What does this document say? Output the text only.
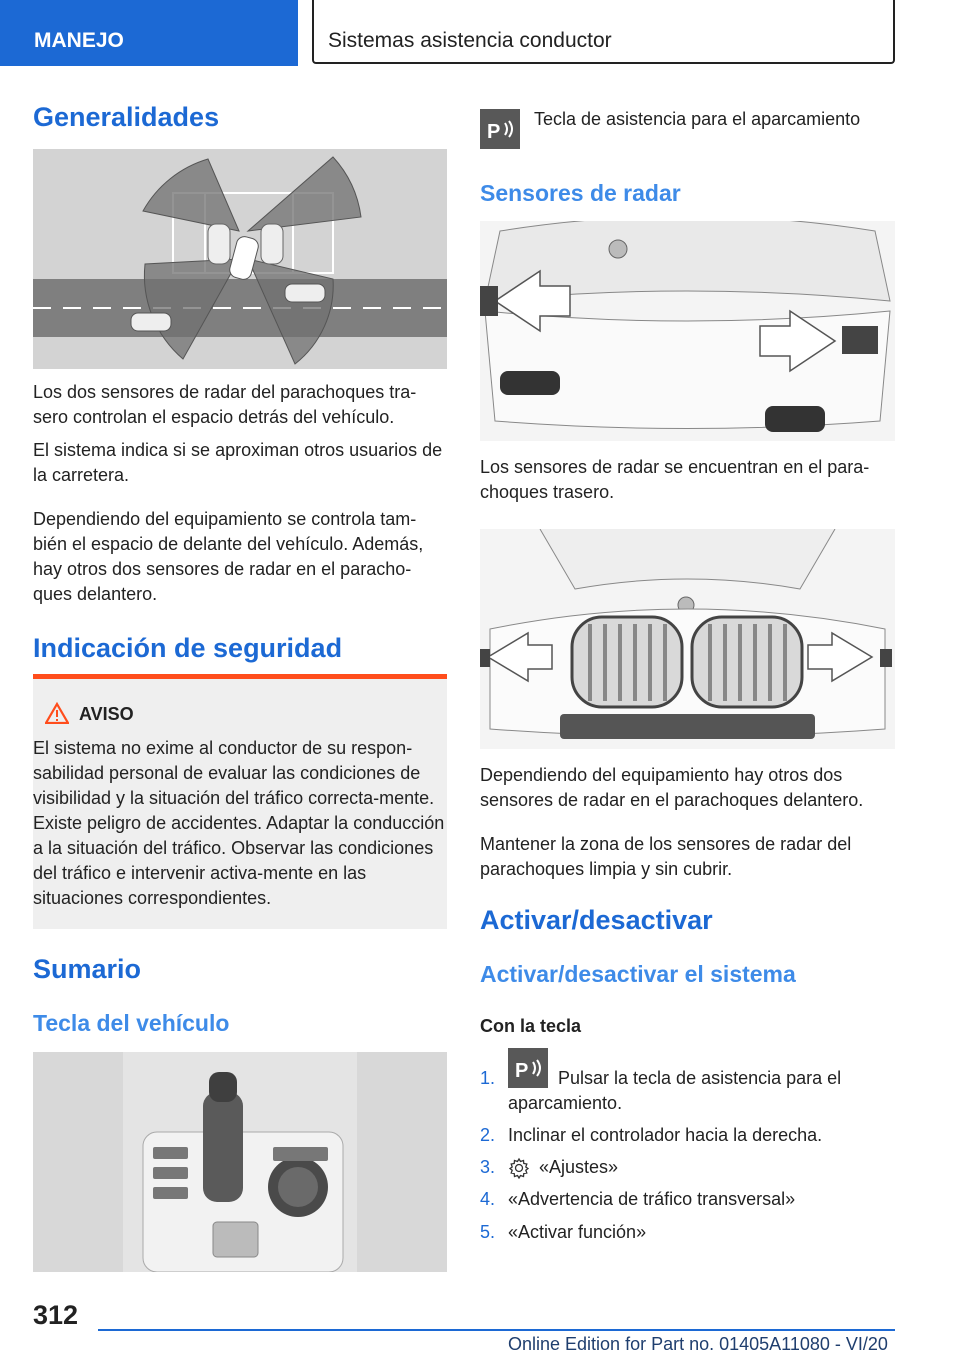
MANEJO	Sistemas asistencia conductor
Generalidades

Los dos sensores de radar del parachoques tra-sero controlan el espacio detrás del vehículo.

El sistema indica si se aproximan otros usuarios de la carretera.

Dependiendo del equipamiento se controla tam-bién el espacio de delante del vehículo. Además, hay otros dos sensores de radar en el paracho-ques delantero.

Indicación de seguridad
AVISO

El sistema no exime al conductor de su respon-sabilidad personal de evaluar las condiciones de visibilidad y la situación del tráfico correcta-mente. Existe peligro de accidentes. Adaptar la conducción a la situación del tráfico. Observar las condiciones del tráfico e intervenir activa-mente en las situaciones correspondientes.

Sumario
Tecla del vehículo
P

Tecla de asistencia para el aparcamiento

Sensores de radar

Los sensores de radar se encuentran en el para-choques trasero.

Dependiendo del equipamiento hay otros dos sensores de radar en el parachoques delantero.

Mantener la zona de los sensores de radar del parachoques limpia y sin cubrir.

Activar/desactivar
Activar/desactivar el sistema

Con la tecla

1. P	Pulsar la tecla de asistencia para el aparcamiento.
2. Inclinar el controlador hacia la derecha.
3. «Ajustes»
4. «Advertencia de tráfico transversal»
5. «Activar función»
312
Online Edition for Part no. 01405A11080 - VI/20
